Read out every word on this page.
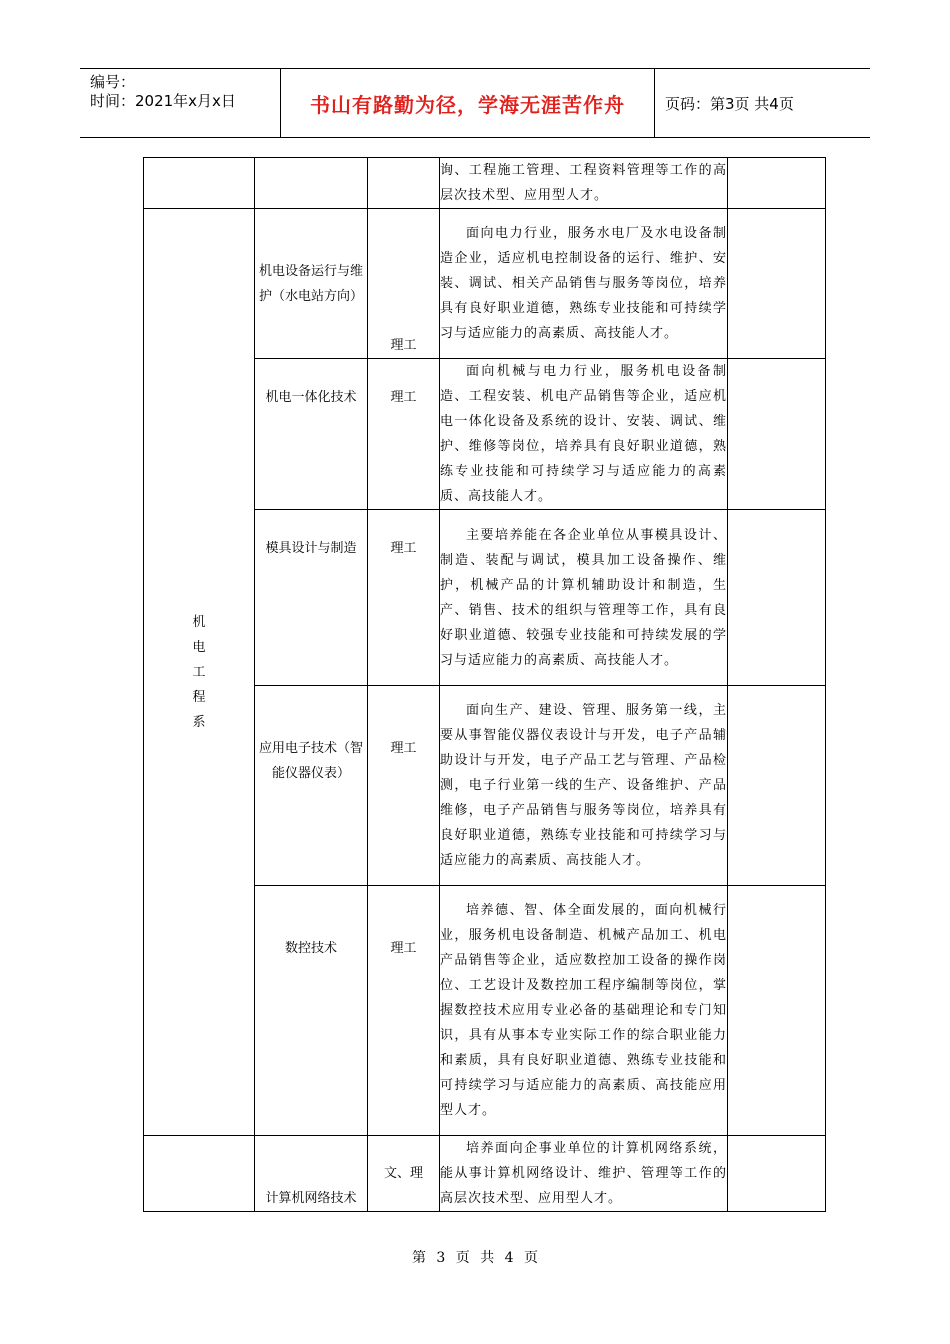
编号：
时间：2021年x月x日	书山有路勤为径，学海无涯苦作舟	页码：第3页 共4页

			询、工程施工管理、工程资料管理等工作的高层次技术型、应用型人才。	

机电工程系	机电设备运行与维护（水电站方向）	理工	面向电力行业，服务水电厂及水电设备制造企业，适应机电控制设备的运行、维护、安装、调试、相关产品销售与服务等岗位，培养具有良好职业道德，熟练专业技能和可持续学习与适应能力的高素质、高技能人才。	

	机电一体化技术	理工	面向机械与电力行业，服务机电设备制造、工程安装、机电产品销售等企业，适应机电一体化设备及系统的设计、安装、调试、维护、维修等岗位，培养具有良好职业道德，熟练专业技能和可持续学习与适应能力的高素质、高技能人才。	

	模具设计与制造	理工	主要培养能在各企业单位从事模具设计、制造、装配与调试，模具加工设备操作、维护，机械产品的计算机辅助设计和制造，生产、销售、技术的组织与管理等工作，具有良好职业道德、较强专业技能和可持续发展的学习与适应能力的高素质、高技能人才。	

	应用电子技术（智能仪器仪表）	理工	面向生产、建设、管理、服务第一线，主要从事智能仪器仪表设计与开发，电子产品辅助设计与开发，电子产品工艺与管理、产品检测，电子行业第一线的生产、设备维护、产品维修，电子产品销售与服务等岗位，培养具有良好职业道德，熟练专业技能和可持续学习与适应能力的高素质、高技能人才。	

	数控技术	理工	培养德、智、体全面发展的，面向机械行业，服务机电设备制造、机械产品加工、机电产品销售等企业，适应数控加工设备的操作岗位、工艺设计及数控加工程序编制等岗位，掌握数控技术应用专业必备的基础理论和专门知识，具有从事本专业实际工作的综合职业能力和素质，具有良好职业道德、熟练专业技能和可持续学习与适应能力的高素质、高技能应用型人才。	

	计算机网络技术	文、理	培养面向企事业单位的计算机网络系统，能从事计算机网络设计、维护、管理等工作的高层次技术型、应用型人才。	

第 3 页 共 4 页
